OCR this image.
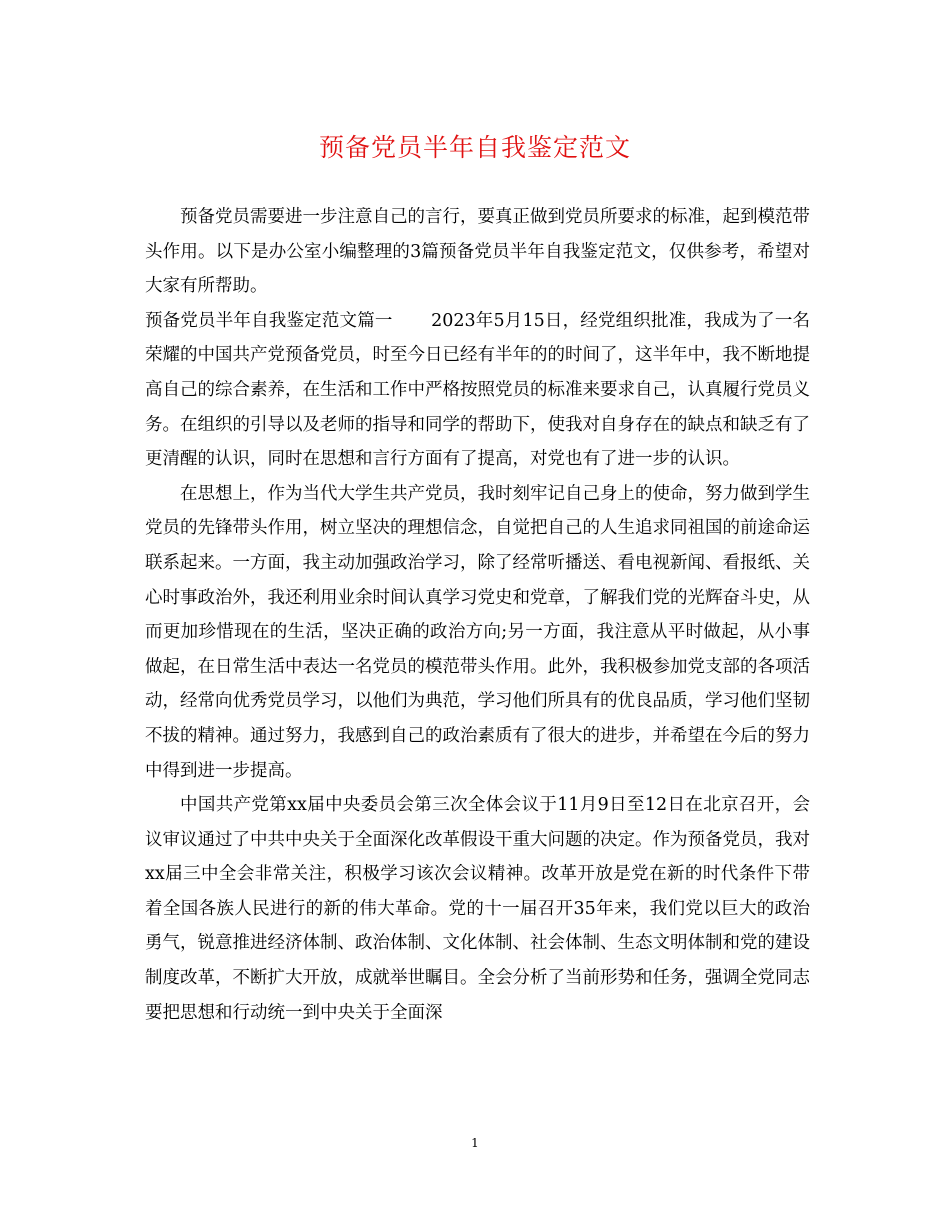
预备党员半年自我鉴定范文

预备党员需要进一步注意自己的言行，要真正做到党员所要求的标准，起到模范带头作用。以下是办公室小编整理的3篇预备党员半年自我鉴定范文，仅供参考，希望对大家有所帮助。

预备党员半年自我鉴定范文篇一 2023年5月15日，经党组织批准，我成为了一名荣耀的中国共产党预备党员，时至今日已经有半年的的时间了，这半年中，我不断地提高自己的综合素养，在生活和工作中严格按照党员的标准来要求自己，认真履行党员义务。在组织的引导以及老师的指导和同学的帮助下，使我对自身存在的缺点和缺乏有了更清醒的认识，同时在思想和言行方面有了提高，对党也有了进一步的认识。

在思想上，作为当代大学生共产党员，我时刻牢记自己身上的使命，努力做到学生党员的先锋带头作用，树立坚决的理想信念，自觉把自己的人生追求同祖国的前途命运联系起来。一方面，我主动加强政治学习，除了经常听播送、看电视新闻、看报纸、关心时事政治外，我还利用业余时间认真学习党史和党章，了解我们党的光辉奋斗史，从而更加珍惜现在的生活，坚决正确的政治方向;另一方面，我注意从平时做起，从小事做起，在日常生活中表达一名党员的模范带头作用。此外，我积极参加党支部的各项活动，经常向优秀党员学习，以他们为典范，学习他们所具有的优良品质，学习他们坚韧不拔的精神。通过努力，我感到自己的政治素质有了很大的进步，并希望在今后的努力中得到进一步提高。

中国共产党第xx届中央委员会第三次全体会议于11月9日至12日在北京召开，会议审议通过了中共中央关于全面深化改革假设干重大问题的决定。作为预备党员，我对xx届三中全会非常关注，积极学习该次会议精神。改革开放是党在新的时代条件下带着全国各族人民进行的新的伟大革命。党的十一届召开35年来，我们党以巨大的政治勇气，锐意推进经济体制、政治体制、文化体制、社会体制、生态文明体制和党的建设制度改革，不断扩大开放，成就举世瞩目。全会分析了当前形势和任务，强调全党同志要把思想和行动统一到中央关于全面深

1
